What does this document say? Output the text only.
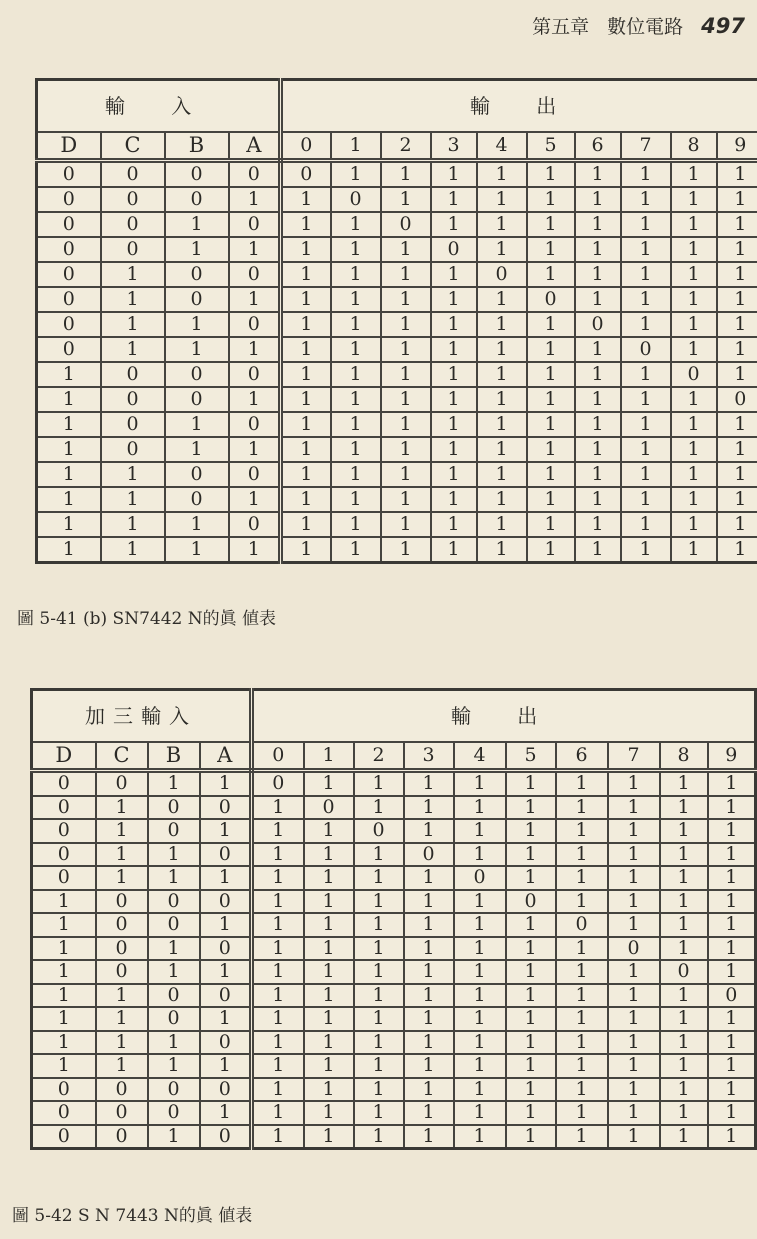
第五章 數位電路 497
輸 入				輸 出									
D	C	B	A	0	1	2	3	4	5	6	7	8	9
0	0	0	0	0	1	1	1	1	1	1	1	1	1
0	0	0	1	1	0	1	1	1	1	1	1	1	1
0	0	1	0	1	1	0	1	1	1	1	1	1	1
0	0	1	1	1	1	1	0	1	1	1	1	1	1
0	1	0	0	1	1	1	1	0	1	1	1	1	1
0	1	0	1	1	1	1	1	1	0	1	1	1	1
0	1	1	0	1	1	1	1	1	1	0	1	1	1
0	1	1	1	1	1	1	1	1	1	1	0	1	1
1	0	0	0	1	1	1	1	1	1	1	1	0	1
1	0	0	1	1	1	1	1	1	1	1	1	1	0
1	0	1	0	1	1	1	1	1	1	1	1	1	1
1	0	1	1	1	1	1	1	1	1	1	1	1	1
1	1	0	0	1	1	1	1	1	1	1	1	1	1
1	1	0	1	1	1	1	1	1	1	1	1	1	1
1	1	1	0	1	1	1	1	1	1	1	1	1	1
1	1	1	1	1	1	1	1	1	1	1	1	1	1
圖 5-41 (b) SN7442 N的眞 値表
加三輸入				輸 出									
D	C	B	A	0	1	2	3	4	5	6	7	8	9
0	0	1	1	0	1	1	1	1	1	1	1	1	1
0	1	0	0	1	0	1	1	1	1	1	1	1	1
0	1	0	1	1	1	0	1	1	1	1	1	1	1
0	1	1	0	1	1	1	0	1	1	1	1	1	1
0	1	1	1	1	1	1	1	0	1	1	1	1	1
1	0	0	0	1	1	1	1	1	0	1	1	1	1
1	0	0	1	1	1	1	1	1	1	0	1	1	1
1	0	1	0	1	1	1	1	1	1	1	0	1	1
1	0	1	1	1	1	1	1	1	1	1	1	0	1
1	1	0	0	1	1	1	1	1	1	1	1	1	0
1	1	0	1	1	1	1	1	1	1	1	1	1	1
1	1	1	0	1	1	1	1	1	1	1	1	1	1
1	1	1	1	1	1	1	1	1	1	1	1	1	1
0	0	0	0	1	1	1	1	1	1	1	1	1	1
0	0	0	1	1	1	1	1	1	1	1	1	1	1
0	0	1	0	1	1	1	1	1	1	1	1	1	1
圖 5-42 S N 7443 N的眞 値表
